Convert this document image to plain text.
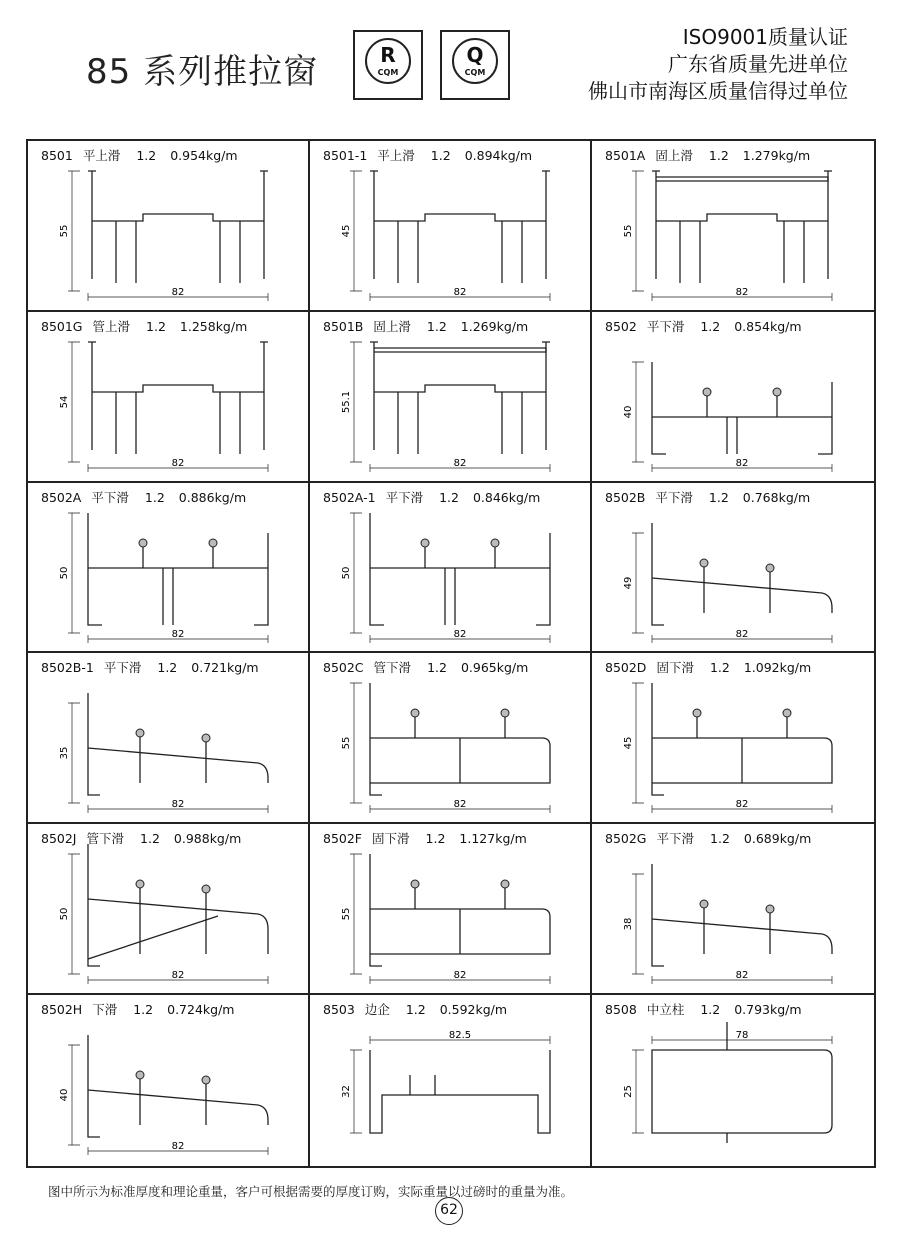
85 系列推拉窗	R
CQM
Q
CQM
ISO9001质量认证
广东省质量先进单位
佛山市南海区质量信得过单位
8501 平上滑 1.2 0.954kg/m
55
82
8501-1 平上滑 1.2 0.894kg/m
45
82
8501A 固上滑 1.2 1.279kg/m
55
82
8501G 管上滑 1.2 1.258kg/m
54
82
8501B 固上滑 1.2 1.269kg/m
55.1
82
8502 平下滑 1.2 0.854kg/m
40
82
8502A 平下滑 1.2 0.886kg/m
50
82
8502A-1 平下滑 1.2 0.846kg/m
50
82
8502B 平下滑 1.2 0.768kg/m
49
82
8502B-1 平下滑 1.2 0.721kg/m
35
82
8502C 管下滑 1.2 0.965kg/m
55
82
8502D 固下滑 1.2 1.092kg/m
45
82
8502J 管下滑 1.2 0.988kg/m
50
82
8502F 固下滑 1.2 1.127kg/m
55
82
8502G 平下滑 1.2 0.689kg/m
38
82
8502H 下滑 1.2 0.724kg/m
40
82
8503 边企 1.2 0.592kg/m
32
82.5
8508 中立柱 1.2 0.793kg/m
25
78
图中所示为标准厚度和理论重量，客户可根据需要的厚度订购，实际重量以过磅时的重量为准。
62
